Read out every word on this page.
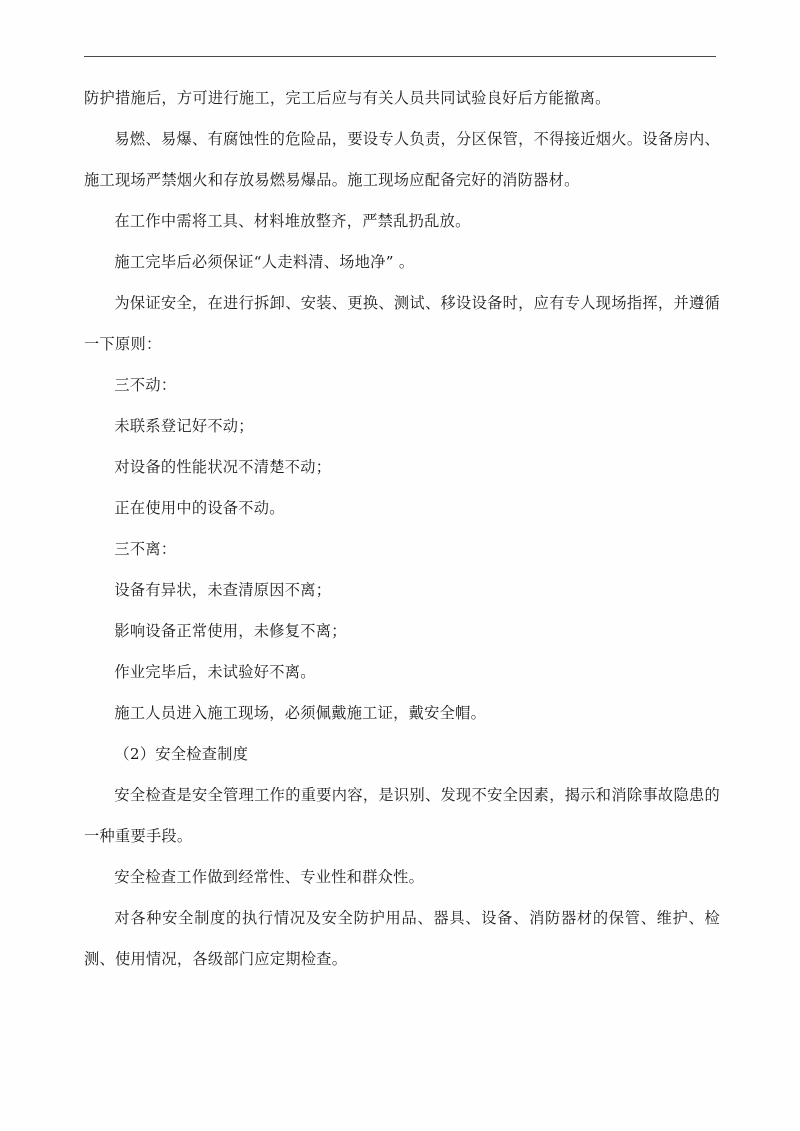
防护措施后，方可进行施工，完工后应与有关人员共同试验良好后方能撤离。

易燃、易爆、有腐蚀性的危险品，要设专人负责，分区保管，不得接近烟火。设备房内、施工现场严禁烟火和存放易燃易爆品。施工现场应配备完好的消防器材。

在工作中需将工具、材料堆放整齐，严禁乱扔乱放。

施工完毕后必须保证“人走料清、场地净” 。

为保证安全，在进行拆卸、安装、更换、测试、移设设备时，应有专人现场指挥，并遵循一下原则：

三不动：

未联系登记好不动；

对设备的性能状况不清楚不动；

正在使用中的设备不动。

三不离：

设备有异状，未查清原因不离；

影响设备正常使用，未修复不离；

作业完毕后，未试验好不离。

施工人员进入施工现场，必须佩戴施工证，戴安全帽。

（2）安全检查制度

安全检查是安全管理工作的重要内容，是识别、发现不安全因素，揭示和消除事故隐患的一种重要手段。

安全检查工作做到经常性、专业性和群众性。

对各种安全制度的执行情况及安全防护用品、器具、设备、消防器材的保管、维护、检测、使用情况，各级部门应定期检查。
